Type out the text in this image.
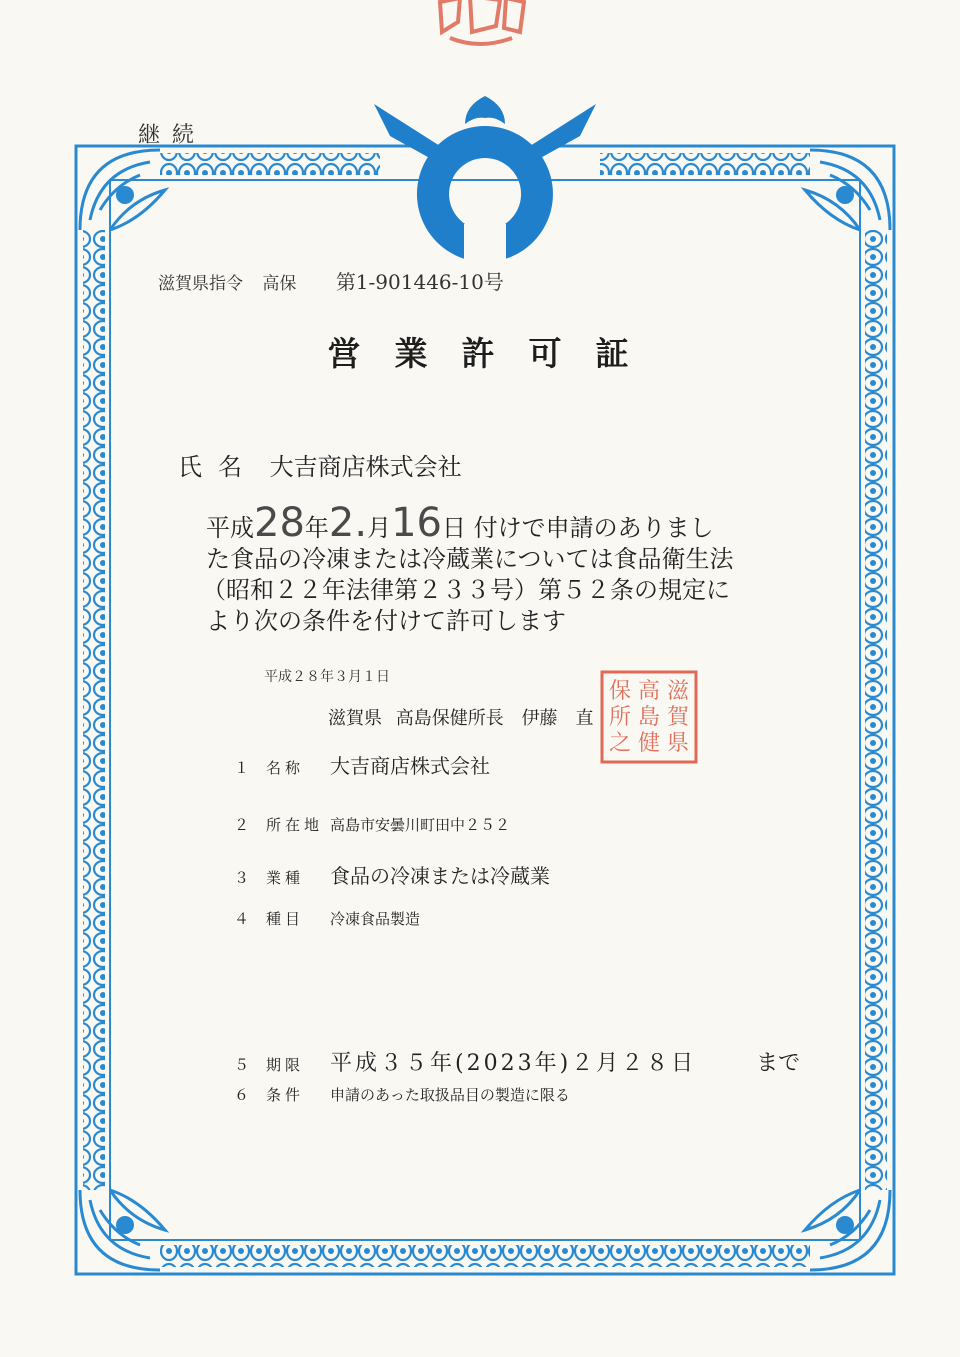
継続
滋賀県指令 高保 第1-901446-10号
営業許可証
氏名 大吉商店株式会社
平成28年2.月16日 付けで申請のありまし
た食品の冷凍または冷蔵業については食品衛生法
（昭和２２年法律第２３３号）第５２条の規定に
より次の条件を付けて許可します
平成２８年３月１日
滋賀県 高島保健所長 伊藤　直
滋
賀
県
高
島
健
保
所
之
１ 名称 大吉商店株式会社
２ 所在地 高島市安曇川町田中２５２
３ 業種 食品の冷凍または冷蔵業
４ 種目 冷凍食品製造
５ 期限 平成３５年(2023年)２月２８日	まで
６ 条件 申請のあった取扱品目の製造に限る
